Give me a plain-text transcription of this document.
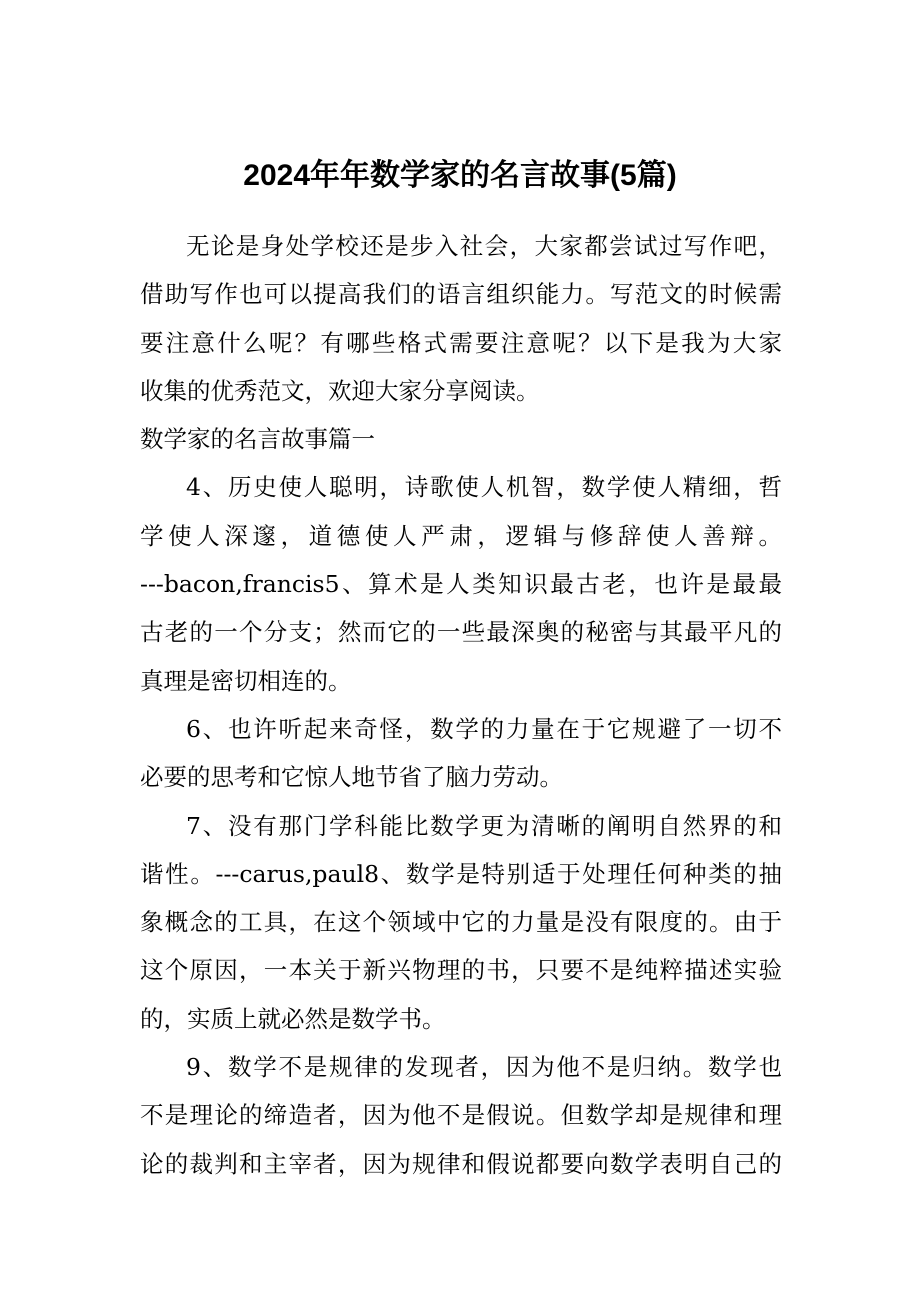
2024年年数学家的名言故事(5篇)
无论是身处学校还是步入社会，大家都尝试过写作吧，
借助写作也可以提高我们的语言组织能力。写范文的时候需
要注意什么呢？有哪些格式需要注意呢？以下是我为大家
收集的优秀范文，欢迎大家分享阅读。
数学家的名言故事篇一
4、历史使人聪明，诗歌使人机智，数学使人精细，哲
学使人深邃，道德使人严肃，逻辑与修辞使人善辩。
---bacon,francis5、算术是人类知识最古老，也许是最最
古老的一个分支；然而它的一些最深奥的秘密与其最平凡的
真理是密切相连的。
6、也许听起来奇怪，数学的力量在于它规避了一切不
必要的思考和它惊人地节省了脑力劳动。
7、没有那门学科能比数学更为清晰的阐明自然界的和
谐性。---carus,paul8、数学是特别适于处理任何种类的抽
象概念的工具，在这个领域中它的力量是没有限度的。由于
这个原因，一本关于新兴物理的书，只要不是纯粹描述实验
的，实质上就必然是数学书。
9、数学不是规律的发现者，因为他不是归纳。数学也
不是理论的缔造者，因为他不是假说。但数学却是规律和理
论的裁判和主宰者，因为规律和假说都要向数学表明自己的
